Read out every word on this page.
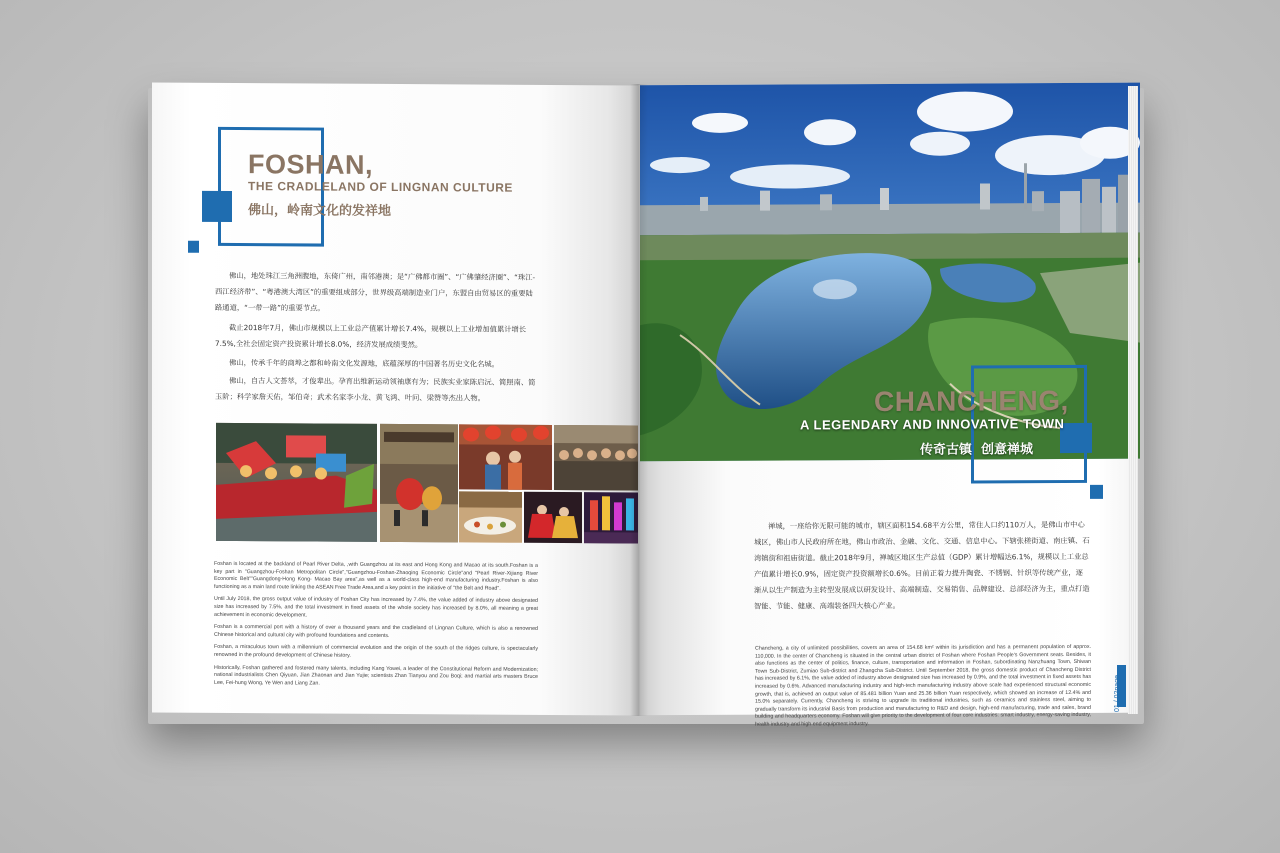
FOSHAN,
THE CRADLELAND OF LINGNAN CULTURE
佛山，岭南文化的发祥地

佛山，地处珠江三角洲腹地，东倚广州，南邻港澳；是“广佛都市圈”、“广佛肇经济圈”、“珠江-西江经济带”、“粤港澳大湾区”的重要组成部分，世界级高端制造业门户，东盟自由贸易区的重要陆路通道，“一带一路”的重要节点。

截止2018年7月，佛山市规模以上工业总产值累计增长7.4%，规模以上工业增加值累计增长7.5%,全社会固定资产投资累计增长8.0%，经济发展成绩斐然。

佛山，传承千年的商埠之都和岭南文化发源地，底蕴深厚的中国著名历史文化名城。

佛山，自古人文荟萃，才俊辈出。孕育出维新运动领袖康有为；民族实业家陈启沅、简照南、简玉阶；科学家詹天佑，邹伯奇；武术名家李小龙、黄飞鸿、叶问、梁赞等杰出人物。

Foshan is located at the backland of Pearl River Delta, ,with Guangzhou at its east and Hong Kong and Macao at its south.Foshan is a key part in "Guangzhou-Foshan Metropolitan Circle","Guangzhou-Foshan-Zhaoqing Economic Circle"and "Pearl River-Xijiang River Economic Belt""Guangdong-Hong Kong- Macao Bay area",as well as a world-class high-end manufacturing industry.Foshan is also functioning as a main land route linking the ASEAN Free Trade Area,and a key point in the initiative of "the Belt and Road".

Until July 2018, the gross output value of industry of Foshan City has increased by 7.4%, the value added of industry above designated size has increased by 7.5%, and the total investment in fixed assets of the whole society has increased by 8.0%, all meaning a great achievement in economic development.

Foshan is a commercial port with a history of over a thousand years and the cradleland of Lingnan Culture, which is also a renowned Chinese historical and cultural city with profound foundations and contents.

Foshan, a miraculous town with a millennium of commercial evolution and the origin of the south of the ridges culture, is spectacularly renowned in the profound development of Chinese history.

Historically, Foshan gathered and fostered many talents, including Kang Yowei, a leader of the Constitutional Reform and Modernization; national industrialists Chen Qiyuan, Jian Zhaonan and Jian Yujie; scientists Zhan Tianyou and Zou Boqi; and martial arts masters Bruce Lee, Fei-hung Wong, Ye Wen and Liang Zan.

CHANCHENG,
A LEGENDARY AND INNOVATIVE TOWN
传奇古镇  创意禅城

禅城，一座给你无限可能的城市，辖区面积154.68平方公里，常住人口约110万人，是佛山市中心城区，佛山市人民政府所在地，佛山市政治、金融、文化、交通、信息中心。下辖张槎街道、南庄镇、石湾镇街和祖庙街道。截止2018年9月，禅城区地区生产总值（GDP）累计增幅达6.1%，规模以上工业总产值累计增长0.9%，固定资产投资额增长0.6%。目前正着力提升陶瓷、不锈钢、针织等传统产业，逐渐从以生产制造为主转型发展成以研发设计、高端制造、交易销售、品牌建设、总部经济为主，重点打造智能、节能、健康、高端装备四大核心产业。

Chancheng, a city of unlimited possibilities, covers an area of 154.68 km² within its jurisdiction and has a permanent population of approx. 110,000. In the center of Chancheng is situated in the central urban district of Foshan where Foshan People's Government seats. Besides, it also functions as the center of politics, finance, culture, transportation and information in Foshan, subordinating Nanzhuang Town, Shiwan Town Sub-District, Zumiao Sub-district and Zhangcha Sub-District. Until September 2018, the gross domestic product of Chancheng District has increased by 6.1%, the value added of industry above designated size has increased by 0.9%, and the total investment in fixed assets has increased by 0.6%. Advanced manufacturing industry and high-tech manufacturing industry above scale had experienced structural economic growth, that is, achieved an output value of 85.481 billion Yuan and 25.36 billion Yuan respectively, which showed an increase of 12.4% and 15.0% separately. Currently, Chancheng is striving to upgrade its traditional industries, such as ceramics and stainless steel, aiming to gradually transform its industrial Basis from production and manufacturing to R&D and design, high-end manufacturing, trade and sales, brand building and headquarters economy. Foshan will give priority to the development of four core industries: smart industry, energy-saving industry, health industry and high end equipment industry.

01 / 02page
